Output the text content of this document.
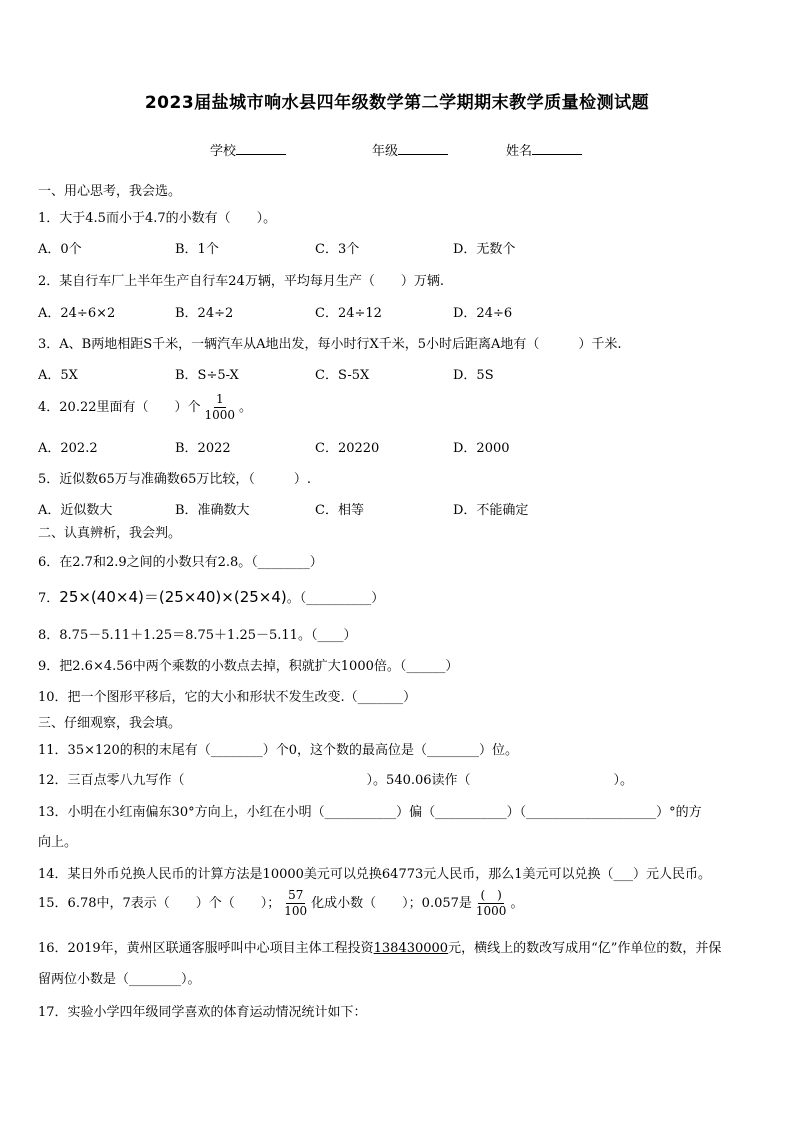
2023届盐城市响水县四年级数学第二学期期末教学质量检测试题
学校	年级	姓名
一、用心思考，我会选。
1．大于4.5而小于4.7的小数有（　　）。
A．0个	B．1个	C．3个	D．无数个
2．某自行车厂上半年生产自行车24万辆，平均每月生产（　　）万辆.
A．24÷6×2	B．24÷2	C．24÷12	D．24÷6
3．A、B两地相距S千米，一辆汽车从A地出发，每小时行X千米，5小时后距离A地有（　　　）千米.
A．5X	B．S÷5-X	C．S-5X	D．5S
4．20.22里面有（　　）个 $\frac{1}{1000}$ 。
A．202.2	B．2022	C．20220	D．2000
5．近似数65万与准确数65万比较，（　　　）.
A．近似数大	B．准确数大	C．相等	D．不能确定
二、认真辨析，我会判。
6．在2.7和2.9之间的小数只有2.8。（________）
7．25×(40×4)＝(25×40)×(25×4)。（__________）
8．8.75－5.11＋1.25＝8.75＋1.25－5.11。（____）
9．把2.6×4.56中两个乘数的小数点去掉，积就扩大1000倍。（______）
10．把一个图形平移后，它的大小和形状不发生改变.（_______）
三、仔细观察，我会填。
11．35×120的积的末尾有（________）个0，这个数的最高位是（________）位。
12．三百点零八九写作（　　　　　　　　　　　　　　）。540.06读作（　　　　　　　　　　　）。
13．小明在小红南偏东30°方向上，小红在小明（___________）偏（___________）（____________________）°的方
向上。
14．某日外币兑换人民币的计算方法是10000美元可以兑换64773元人民币，那么1美元可以兑换（___）元人民币。
15．6.78中，7表示（　　）个（　　）； $\frac{57}{100}$ 化成小数（　　）；0.057是 $\frac{( )}{1000}$ 。
16．2019年，黄州区联通客服呼叫中心项目主体工程投资138430000元，横线上的数改写成用“亿”作单位的数，并保
留两位小数是（________）。
17．实验小学四年级同学喜欢的体育运动情况统计如下：
